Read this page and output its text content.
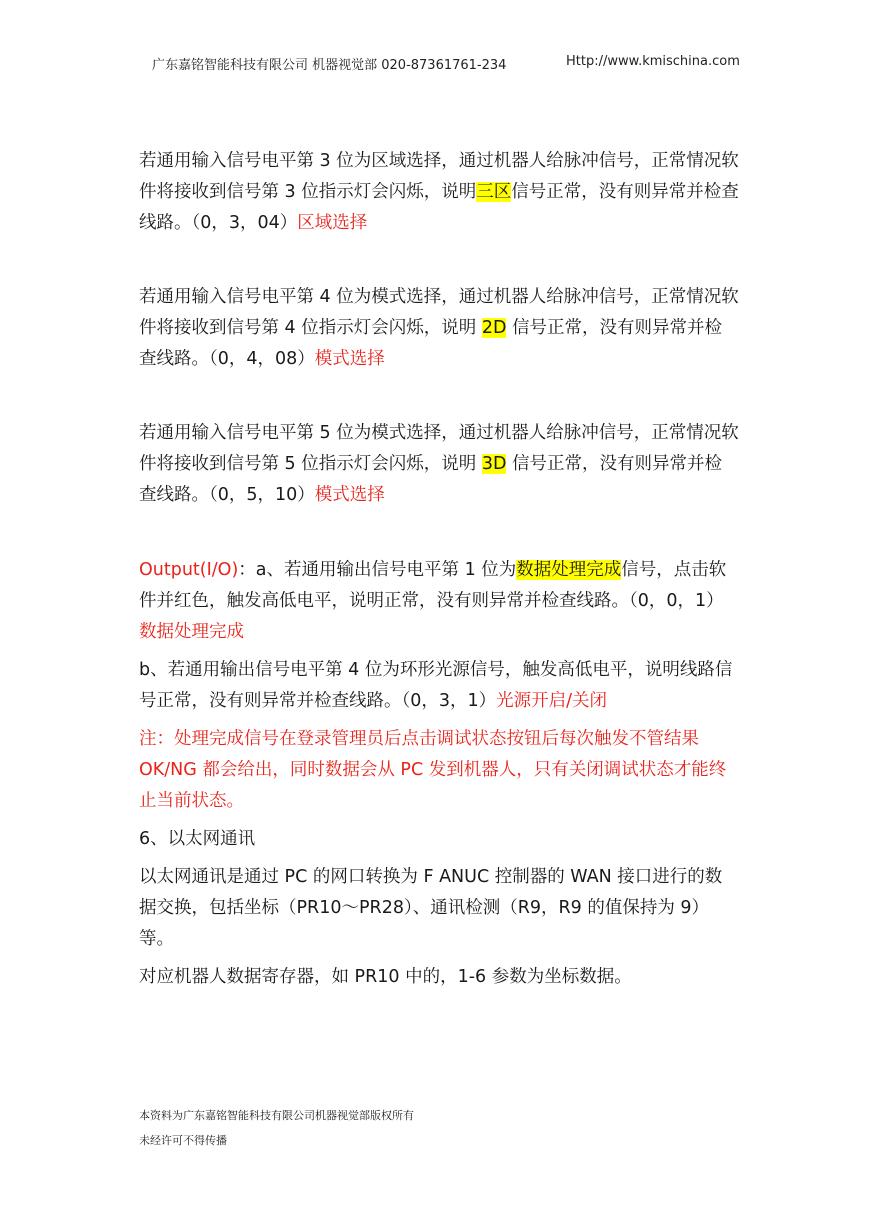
广东嘉铭智能科技有限公司 机器视觉部 020-87361761-234	Http://www.kmischina.com

若通用输入信号电平第 3 位为区域选择，通过机器人给脉冲信号，正常情况软件将接收到信号第 3 位指示灯会闪烁，说明三区信号正常，没有则异常并检查线路。（0，3，04）区域选择

若通用输入信号电平第 4 位为模式选择，通过机器人给脉冲信号，正常情况软件将接收到信号第 4 位指示灯会闪烁，说明 2D 信号正常，没有则异常并检查线路。（0，4，08）模式选择

若通用输入信号电平第 5 位为模式选择，通过机器人给脉冲信号，正常情况软件将接收到信号第 5 位指示灯会闪烁，说明 3D 信号正常，没有则异常并检查线路。（0，5，10）模式选择

Output(I/O)：a、若通用输出信号电平第 1 位为数据处理完成信号，点击软件并红色，触发高低电平，说明正常，没有则异常并检查线路。（0，0，1）数据处理完成

b、若通用输出信号电平第 4 位为环形光源信号，触发高低电平，说明线路信号正常，没有则异常并检查线路。（0，3，1）光源开启/关闭

注：处理完成信号在登录管理员后点击调试状态按钮后每次触发不管结果 OK/NG 都会给出，同时数据会从 PC 发到机器人，只有关闭调试状态才能终止当前状态。

6、以太网通讯

以太网通讯是通过 PC 的网口转换为 F ANUC 控制器的 WAN 接口进行的数据交换，包括坐标（PR10～PR28）、通讯检测（R9，R9 的值保持为 9）等。

对应机器人数据寄存器，如 PR10 中的，1-6 参数为坐标数据。

本资料为广东嘉铭智能科技有限公司机器视觉部版权所有
未经许可不得传播
